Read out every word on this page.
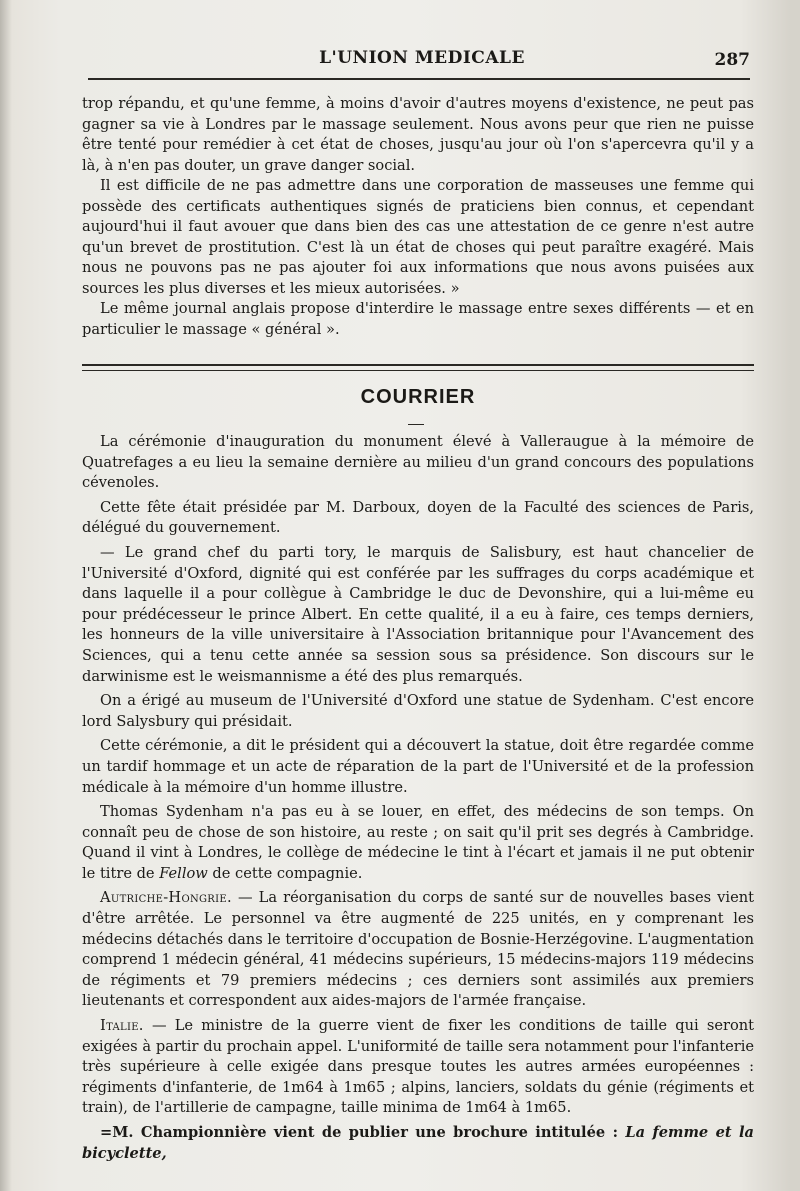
L'UNION MEDICALE	287

trop répandu, et qu'une femme, à moins d'avoir d'autres moyens d'existence, ne peut pas gagner sa vie à Londres par le massage seulement. Nous avons peur que rien ne puisse être tenté pour remédier à cet état de choses, jusqu'au jour où l'on s'apercevra qu'il y a là, à n'en pas douter, un grave danger social.

Il est difficile de ne pas admettre dans une corporation de masseuses une femme qui possède des certificats authentiques signés de praticiens bien connus, et cependant aujourd'hui il faut avouer que dans bien des cas une attestation de ce genre n'est autre qu'un brevet de prostitution. C'est là un état de choses qui peut paraître exagéré. Mais nous ne pouvons pas ne pas ajouter foi aux informations que nous avons puisées aux sources les plus diverses et les mieux autorisées. »

Le même journal anglais propose d'interdire le massage entre sexes différents — et en particulier le massage « général ».

COURRIER

La cérémonie d'inauguration du monument élevé à Valleraugue à la mémoire de Quatrefages a eu lieu la semaine dernière au milieu d'un grand concours des populations cévenoles.

Cette fête était présidée par M. Darboux, doyen de la Faculté des sciences de Paris, délégué du gouvernement.

— Le grand chef du parti tory, le marquis de Salisbury, est haut chancelier de l'Université d'Oxford, dignité qui est conférée par les suffrages du corps académique et dans laquelle il a pour collègue à Cambridge le duc de Devonshire, qui a lui-même eu pour prédécesseur le prince Albert. En cette qualité, il a eu à faire, ces temps derniers, les honneurs de la ville universitaire à l'Association britannique pour l'Avancement des Sciences, qui a tenu cette année sa session sous sa présidence. Son discours sur le darwinisme est le weismannisme a été des plus remarqués.

On a érigé au museum de l'Université d'Oxford une statue de Sydenham. C'est encore lord Salysbury qui présidait.

Cette cérémonie, a dit le président qui a découvert la statue, doit être regardée comme un tardif hommage et un acte de réparation de la part de l'Université et de la profession médicale à la mémoire d'un homme illustre.

Thomas Sydenham n'a pas eu à se louer, en effet, des médecins de son temps. On connaît peu de chose de son histoire, au reste ; on sait qu'il prit ses degrés à Cambridge. Quand il vint à Londres, le collège de médecine le tint à l'écart et jamais il ne put obtenir le titre de Fellow de cette compagnie.

Autriche-Hongrie. — La réorganisation du corps de santé sur de nouvelles bases vient d'être arrêtée. Le personnel va être augmenté de 225 unités, en y comprenant les médecins détachés dans le territoire d'occupation de Bosnie-Herzégovine. L'augmentation comprend 1 médecin général, 41 médecins supérieurs, 15 médecins-majors 119 médecins de régiments et 79 premiers médecins ; ces derniers sont assimilés aux premiers lieutenants et correspondent aux aides-majors de l'armée française.

Italie. — Le ministre de la guerre vient de fixer les conditions de taille qui seront exigées à partir du prochain appel. L'uniformité de taille sera notamment pour l'infanterie très supérieure à celle exigée dans presque toutes les autres armées européennes : régiments d'infanterie, de 1m64 à 1m65 ; alpins, lanciers, soldats du génie (régiments et train), de l'artillerie de campagne, taille minima de 1m64 à 1m65.

=M. Championnière vient de publier une brochure intitulée : La femme et la bicyclette,
